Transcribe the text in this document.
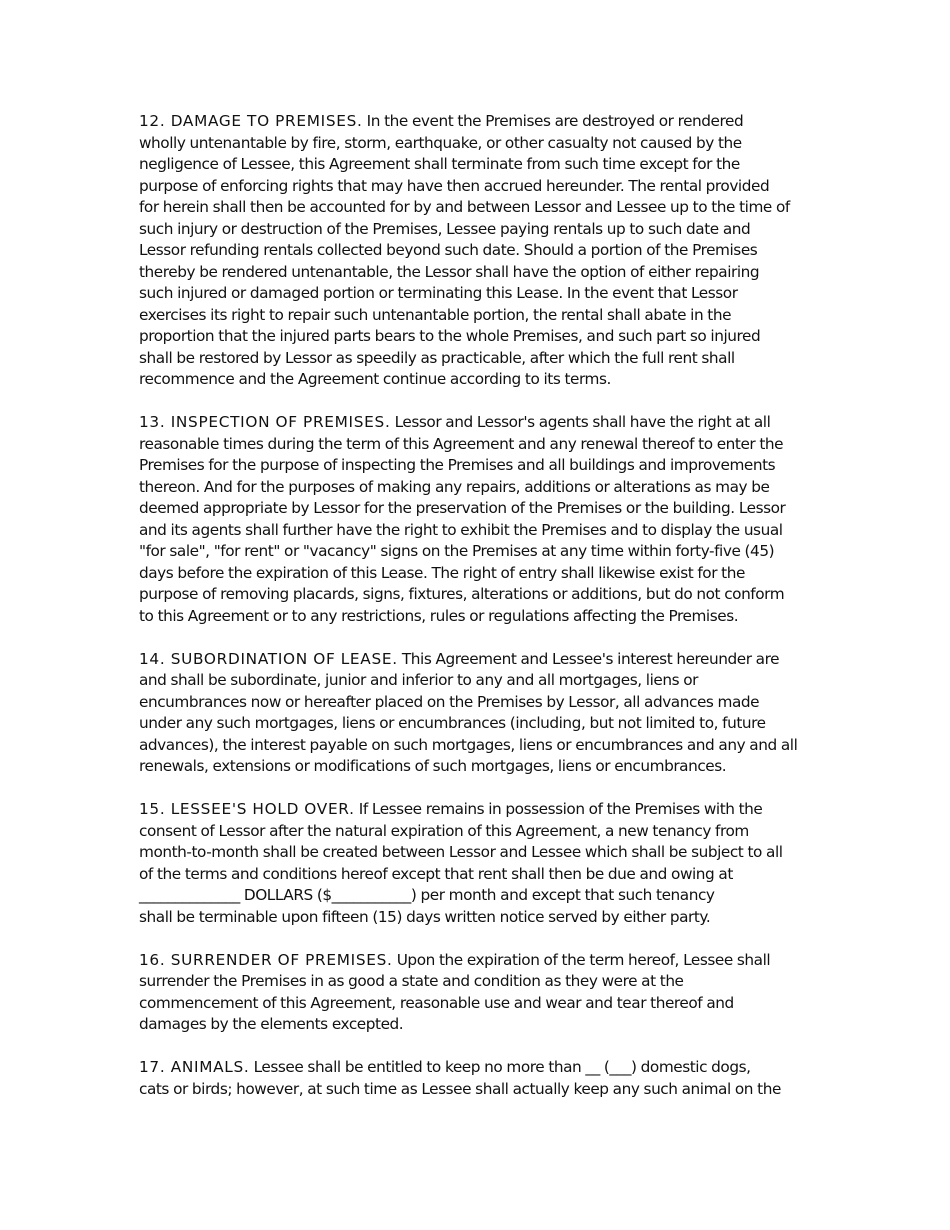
12. DAMAGE TO PREMISES. In the event the Premises are destroyed or rendered
wholly untenantable by fire, storm, earthquake, or other casualty not caused by the
negligence of Lessee, this Agreement shall terminate from such time except for the
purpose of enforcing rights that may have then accrued hereunder. The rental provided
for herein shall then be accounted for by and between Lessor and Lessee up to the time of
such injury or destruction of the Premises, Lessee paying rentals up to such date and
Lessor refunding rentals collected beyond such date. Should a portion of the Premises
thereby be rendered untenantable, the Lessor shall have the option of either repairing
such injured or damaged portion or terminating this Lease. In the event that Lessor
exercises its right to repair such untenantable portion, the rental shall abate in the
proportion that the injured parts bears to the whole Premises, and such part so injured
shall be restored by Lessor as speedily as practicable, after which the full rent shall
recommence and the Agreement continue according to its terms.

13. INSPECTION OF PREMISES. Lessor and Lessor's agents shall have the right at all
reasonable times during the term of this Agreement and any renewal thereof to enter the
Premises for the purpose of inspecting the Premises and all buildings and improvements
thereon. And for the purposes of making any repairs, additions or alterations as may be
deemed appropriate by Lessor for the preservation of the Premises or the building. Lessor
and its agents shall further have the right to exhibit the Premises and to display the usual
"for sale", "for rent" or "vacancy" signs on the Premises at any time within forty-five (45)
days before the expiration of this Lease. The right of entry shall likewise exist for the
purpose of removing placards, signs, fixtures, alterations or additions, but do not conform
to this Agreement or to any restrictions, rules or regulations affecting the Premises.

14. SUBORDINATION OF LEASE. This Agreement and Lessee's interest hereunder are
and shall be subordinate, junior and inferior to any and all mortgages, liens or
encumbrances now or hereafter placed on the Premises by Lessor, all advances made
under any such mortgages, liens or encumbrances (including, but not limited to, future
advances), the interest payable on such mortgages, liens or encumbrances and any and all
renewals, extensions or modifications of such mortgages, liens or encumbrances.

15. LESSEE'S HOLD OVER. If Lessee remains in possession of the Premises with the
consent of Lessor after the natural expiration of this Agreement, a new tenancy from
month-to-month shall be created between Lessor and Lessee which shall be subject to all
of the terms and conditions hereof except that rent shall then be due and owing at
______________ DOLLARS ($___________) per month and except that such tenancy
shall be terminable upon fifteen (15) days written notice served by either party.

16. SURRENDER OF PREMISES. Upon the expiration of the term hereof, Lessee shall
surrender the Premises in as good a state and condition as they were at the
commencement of this Agreement, reasonable use and wear and tear thereof and
damages by the elements excepted.

17. ANIMALS. Lessee shall be entitled to keep no more than __ (___) domestic dogs,
cats or birds; however, at such time as Lessee shall actually keep any such animal on the
